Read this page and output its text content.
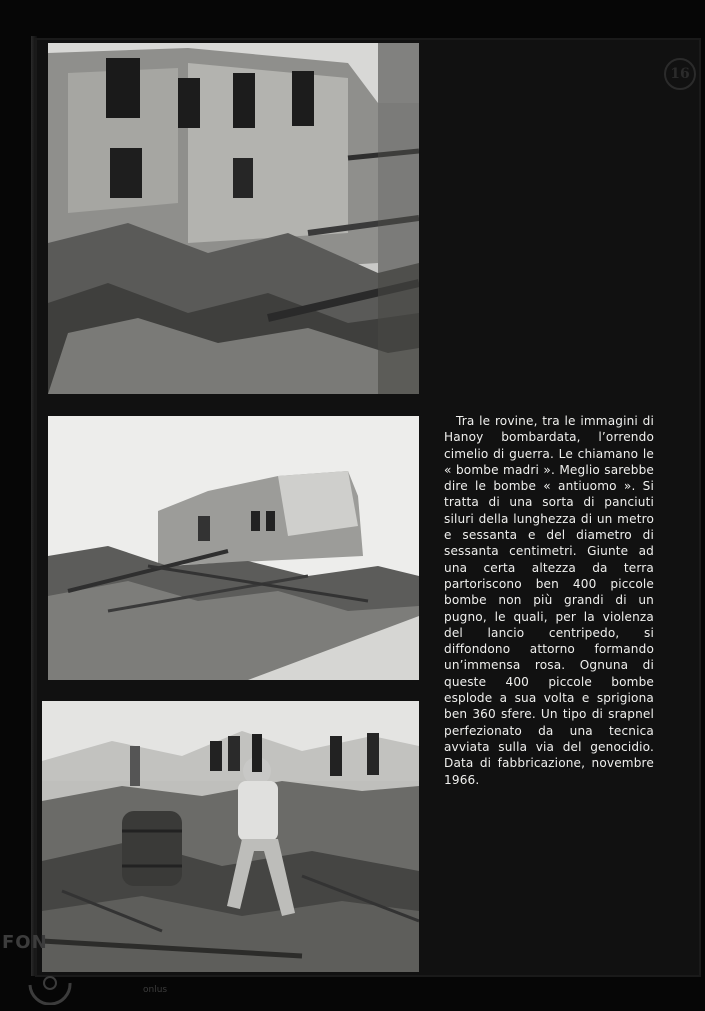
16

Tra le rovine, tra le immagini di Hanoy bombardata, l’orrendo cimelio di guerra. Le chiamano le « bombe madri ». Meglio sarebbe dire le bombe « antiuomo ». Si tratta di una sorta di panciuti siluri della lunghezza di un metro e sessanta e del diametro di sessanta centimetri. Giunte ad una certa altezza da terra partoriscono ben 400 piccole bombe non più grandi di un pugno, le quali, per la violenza del lancio centripedo, si diffondono attorno formando un’immensa rosa. Ognuna di queste 400 piccole bombe esplode a sua volta e sprigiona ben 360 sfere. Un tipo di srapnel perfezionato da una tecnica avviata sulla via del genocidio. Data di fabbricazione, novembre 1966.

FON
onlus
